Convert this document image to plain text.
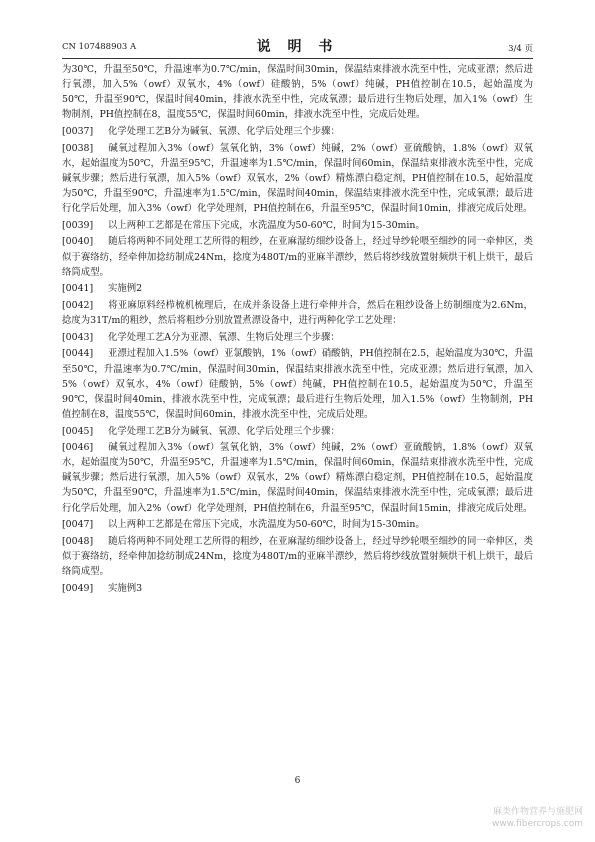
CN 107488903 A	说 明 书	3/4 页

为30℃，升温至50℃，升温速率为0.7℃/min，保温时间30min，保温结束排液水洗至中性，完成亚漂；然后进行氧漂，加入5%（owf）双氧水，4%（owf）硅酸钠，5%（owf）纯碱，PH值控制在10.5，起始温度为50℃，升温至90℃，保温时间40min，排液水洗至中性，完成氧漂；最后进行生物后处理，加入1%（owf）生物制剂，PH值控制在8，温度55℃，保温时间60min，排液水洗至中性，完成后处理。

[0037] 化学处理工艺B分为碱氧、氧漂、化学后处理三个步骤：

[0038] 碱氧过程加入3%（owf）氢氧化钠，3%（owf）纯碱，2%（owf）亚硫酸钠，1.8%（owf）双氧水，起始温度为50℃，升温至95℃，升温速率为1.5℃/min，保温时间60min，保温结束排液水洗至中性，完成碱氧步骤；然后进行氧漂，加入5%（owf）双氧水，2%（owf）精炼漂白稳定剂，PH值控制在10.5，起始温度为50℃，升温至90℃，升温速率为1.5℃/min，保温时间40min，保温结束排液水洗至中性，完成氧漂；最后进行化学后处理，加入3%（owf）化学处理剂，PH值控制在6，升温至95℃，保温时间10min，排液完成后处理。

[0039] 以上两种工艺都是在常压下完成，水洗温度为50-60℃，时间为15-30min。

[0040] 随后将两种不同处理工艺所得的粗纱，在亚麻湿纺细纱设备上，经过导纱轮喂至细纱的同一牵伸区，类似于赛络纺，经牵伸加捻纺制成24Nm，捻度为480T/m的亚麻半漂纱，然后将纱线放置射频烘干机上烘干，最后络筒成型。

[0041] 实施例2

[0042] 将亚麻原料经栉梳机梳理后，在成并条设备上进行牵伸并合，然后在粗纱设备上纺制细度为2.6Nm，捻度为31T/m的粗纱，然后将粗纱分别放置煮漂设备中，进行两种化学工艺处理：

[0043] 化学处理工艺A分为亚漂、氧漂、生物后处理三个步骤：

[0044] 亚漂过程加入1.5%（owf）亚氯酸钠，1%（owf）硝酸钠，PH值控制在2.5，起始温度为30℃，升温至50℃，升温速率为0.7℃/min，保温时间30min，保温结束排液水洗至中性，完成亚漂；然后进行氧漂，加入5%（owf）双氧水，4%（owf）硅酸钠，5%（owf）纯碱，PH值控制在10.5，起始温度为50℃，升温至90℃，保温时间40min，排液水洗至中性，完成氧漂；最后进行生物后处理，加入1.5%（owf）生物制剂，PH值控制在8，温度55℃，保温时间60min，排液水洗至中性，完成后处理。

[0045] 化学处理工艺B分为碱氧、氧漂、化学后处理三个步骤：

[0046] 碱氧过程加入3%（owf）氢氧化钠，3%（owf）纯碱，2%（owf）亚硫酸钠，1.8%（owf）双氧水，起始温度为50℃，升温至95℃，升温速率为1.5℃/min，保温时间60min，保温结束排液水洗至中性，完成碱氧步骤；然后进行氧漂，加入5%（owf）双氧水，2%（owf）精炼漂白稳定剂，PH值控制在10.5，起始温度为50℃，升温至90℃，升温速率为1.5℃/min，保温时间40min，保温结束排液水洗至中性，完成氧漂；最后进行化学后处理，加入2%（owf）化学处理剂，PH值控制在6，升温至95℃，保温时间15min，排液完成后处理。

[0047] 以上两种工艺都是在常压下完成，水洗温度为50-60℃，时间为15-30min。

[0048] 随后将两种不同处理工艺所得的粗纱，在亚麻湿纺细纱设备上，经过导纱轮喂至细纱的同一牵伸区，类似于赛络纺，经牵伸加捻纺制成24Nm，捻度为480T/m的亚麻半漂纱，然后将纱线放置射频烘干机上烘干，最后络筒成型。

[0049] 实施例3

6
麻类作物营养与施肥网
www.fibercrops.com
